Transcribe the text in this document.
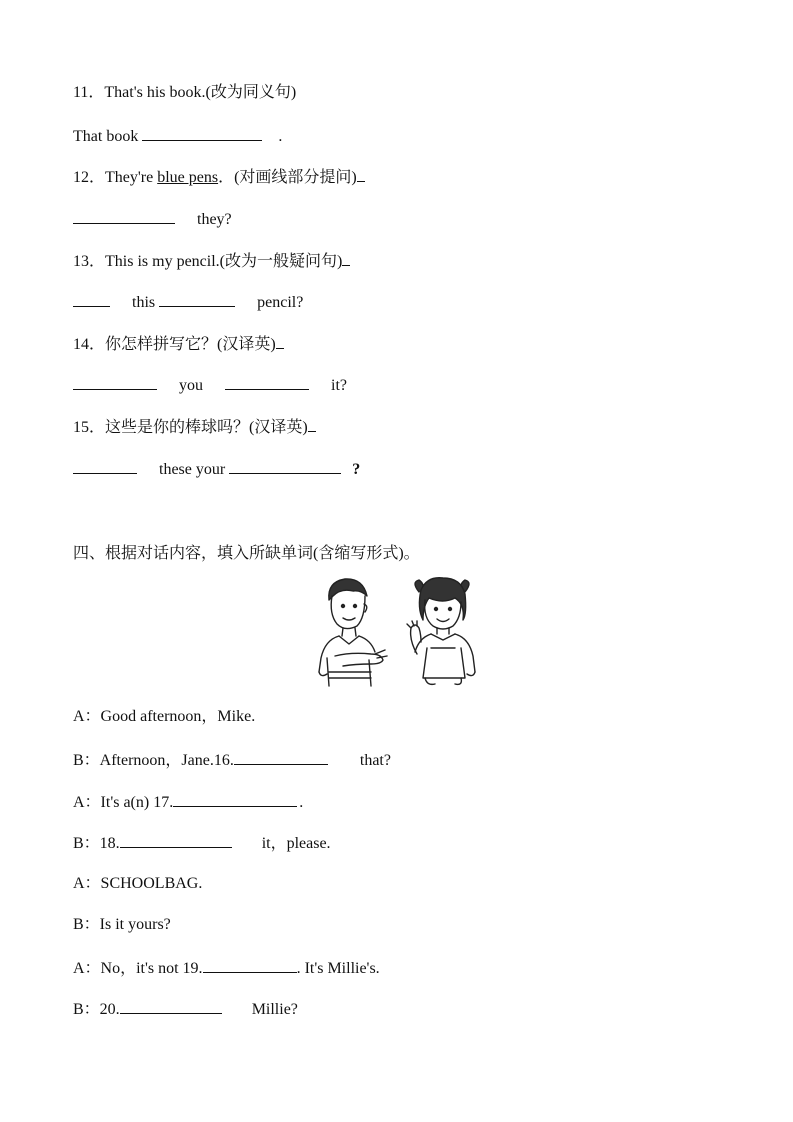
11．That's his book.(改为同义句)
That book	.
12．They're blue pens．(对画线部分提问)
they?
13．This is my pencil.(改为一般疑问句)
this	pencil?
14．你怎样拼写它？(汉译英)
you	it?
15．这些是你的棒球吗？(汉译英)
these your	?
四、根据对话内容，填入所缺单词(含缩写形式)。
A：Good afternoon，Mike.
B：Afternoon，Jane.16.	that?
A：It's a(n) 17.	.
B：18.	it，please.
A：SCHOOLBAG.
B：Is it yours?
A：No，it's not 19.	. It's Millie's.
B：20.	Millie?
